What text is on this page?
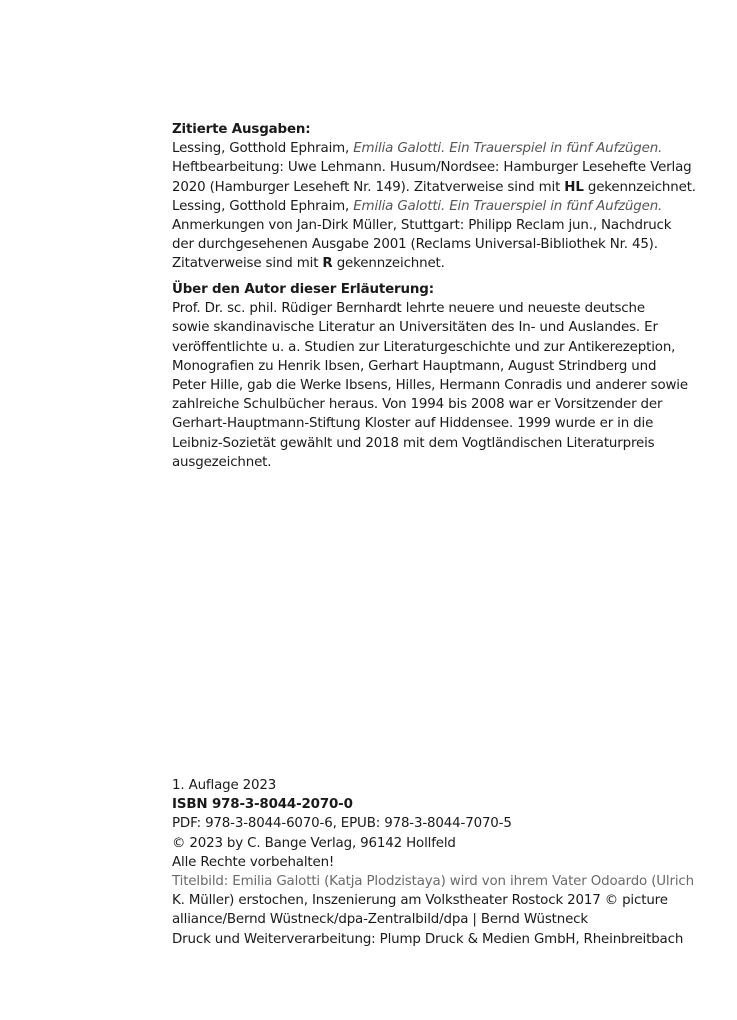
Zitierte Ausgaben:
Lessing, Gotthold Ephraim, Emilia Galotti. Ein Trauerspiel in fünf Aufzügen.
Heftbearbeitung: Uwe Lehmann. Husum/Nordsee: Hamburger Lesehefte Verlag
2020 (Hamburger Leseheft Nr. 149). Zitatverweise sind mit HL gekennzeichnet.
Lessing, Gotthold Ephraim, Emilia Galotti. Ein Trauerspiel in fünf Aufzügen.
Anmerkungen von Jan-Dirk Müller, Stuttgart: Philipp Reclam jun., Nachdruck
der durchgesehenen Ausgabe 2001 (Reclams Universal-Bibliothek Nr. 45).
Zitatverweise sind mit R gekennzeichnet.
Über den Autor dieser Erläuterung:
Prof. Dr. sc. phil. Rüdiger Bernhardt lehrte neuere und neueste deutsche
sowie skandinavische Literatur an Universitäten des In- und Auslandes. Er
veröffentlichte u. a. Studien zur Literaturgeschichte und zur Antikerezeption,
Monografien zu Henrik Ibsen, Gerhart Hauptmann, August Strindberg und
Peter Hille, gab die Werke Ibsens, Hilles, Hermann Conradis und anderer sowie
zahlreiche Schulbücher heraus. Von 1994 bis 2008 war er Vorsitzender der
Gerhart-Hauptmann-Stiftung Kloster auf Hiddensee. 1999 wurde er in die
Leibniz-Sozietät gewählt und 2018 mit dem Vogtländischen Literaturpreis
ausgezeichnet.
1. Auflage 2023
ISBN 978-3-8044-2070-0
PDF: 978-3-8044-6070-6, EPUB: 978-3-8044-7070-5
© 2023 by C. Bange Verlag, 96142 Hollfeld
Alle Rechte vorbehalten!
Titelbild: Emilia Galotti (Katja Plodzistaya) wird von ihrem Vater Odoardo (Ulrich
K. Müller) erstochen, Inszenierung am Volkstheater Rostock 2017 © picture
alliance/Bernd Wüstneck/dpa-Zentralbild/dpa | Bernd Wüstneck
Druck und Weiterverarbeitung: Plump Druck & Medien GmbH, Rheinbreitbach
